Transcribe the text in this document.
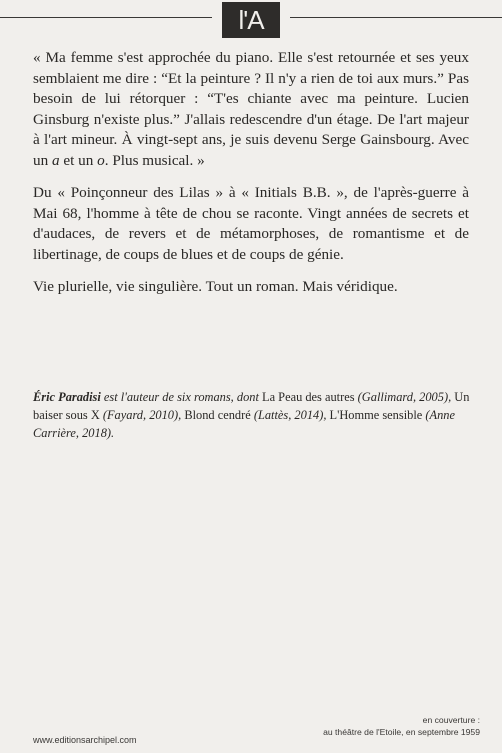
l'A

« Ma femme s'est approchée du piano. Elle s'est retournée et ses yeux semblaient me dire : “Et la peinture ? Il n'y a rien de toi aux murs.” Pas besoin de lui rétorquer : “T'es chiante avec ma peinture. Lucien Ginsburg n'existe plus.” J'allais redescendre d'un étage. De l'art majeur à l'art mineur. À vingt-sept ans, je suis devenu Serge Gainsbourg. Avec un a et un o. Plus musical. »

Du « Poinçonneur des Lilas » à « Initials B.B. », de l'après-guerre à Mai 68, l'homme à tête de chou se raconte. Vingt années de secrets et d'audaces, de revers et de métamorphoses, de romantisme et de libertinage, de coups de blues et de coups de génie.

Vie plurielle, vie singulière. Tout un roman. Mais véridique.

Éric Paradisi est l'auteur de six romans, dont La Peau des autres (Gallimard, 2005), Un baiser sous X (Fayard, 2010), Blond cendré (Lattès, 2014), L'Homme sensible (Anne Carrière, 2018).
www.editionsarchipel.com
en couverture :
au théâtre de l'Etoile, en septembre 1959
